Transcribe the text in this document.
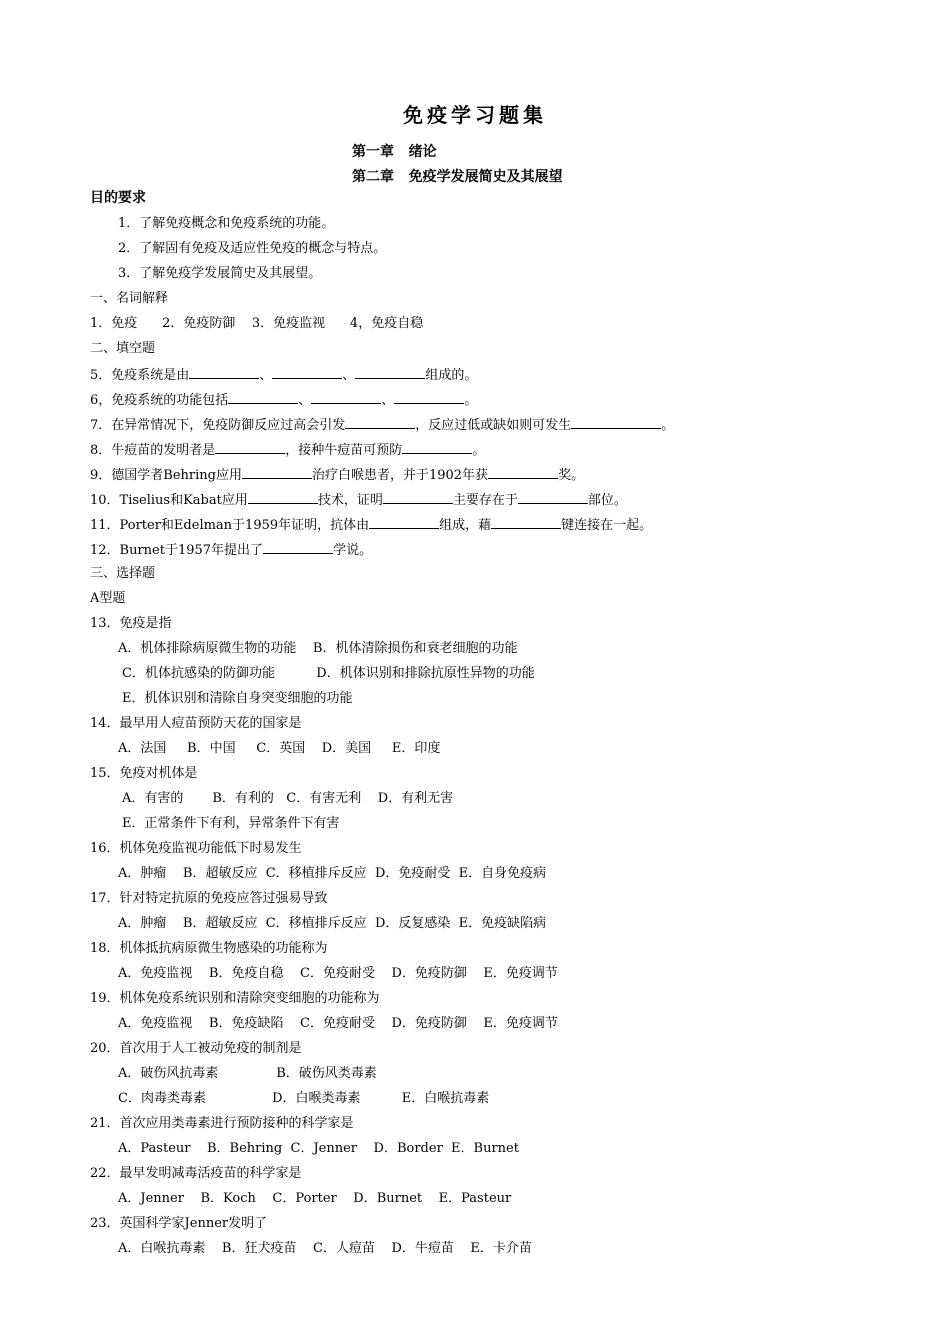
免疫学习题集
第一章   绪论
第二章   免疫学发展简史及其展望
目的要求
1．了解免疫概念和免疫系统的功能。
2．了解固有免疫及适应性免疫的概念与特点。
3．了解免疫学发展简史及其展望。
一、名词解释
1．免疫      2．免疫防御    3．免疫监视      4，免疫自稳
二、填空题
5．免疫系统是由	、	、	组成的。
6，免疫系统的功能包括	、	、	。
7．在异常情况下，免疫防御反应过高会引发	，反应过低或缺如则可发生	。
8．牛痘苗的发明者是	，接种牛痘苗可预防	。
9．德国学者Behring应用	治疗白喉患者，并于1902年获	奖。
10．Tiselius和Kabat应用	技术，证明	主要存在于	部位。
11．Porter和Edelman于1959年证明，抗体由	组成，藉	键连接在一起。
12．Burnet于1957年提出了	学说。
三、选择题
A型题
13．免疫是指
A．机体排除病原微生物的功能    B．机体清除损伤和衰老细胞的功能
C．机体抗感染的防御功能          D．机体识别和排除抗原性异物的功能
E．机体识别和清除自身突变细胞的功能
14．最早用人痘苗预防天花的国家是
A．法国     B．中国     C．英国    D．美国     E．印度
15．免疫对机体是
A．有害的       B．有利的   C．有害无利    D．有利无害
E．正常条件下有利，异常条件下有害
16．机体免疫监视功能低下时易发生
A．肿瘤    B．超敏反应  C．移植排斥反应  D．免疫耐受  E．自身免疫病
17．针对特定抗原的免疫应答过强易导致
A．肿瘤    B．超敏反应  C．移植排斥反应  D．反复感染  E．免疫缺陷病
18．机体抵抗病原微生物感染的功能称为
A．免疫监视    B．免疫自稳    C．免疫耐受    D．免疫防御    E．免疫调节
19．机体免疫系统识别和清除突变细胞的功能称为
A．免疫监视    B．免疫缺陷    C．免疫耐受    D．免疫防御    E．免疫调节
20．首次用于人工被动免疫的制剂是
A．破伤风抗毒素              B．破伤风类毒素
C．肉毒类毒素                D．白喉类毒素          E．白喉抗毒素
21．首次应用类毒素进行预防接种的科学家是
A．Pasteur    B．Behring  C．Jenner    D．Border  E．Burnet
22．最早发明减毒活疫苗的科学家是
A．Jenner    B．Koch    C．Porter    D．Burnet    E．Pasteur
23．英国科学家Jenner发明了
A．白喉抗毒素    B．狂犬疫苗    C．人痘苗    D．牛痘苗    E．卡介苗
